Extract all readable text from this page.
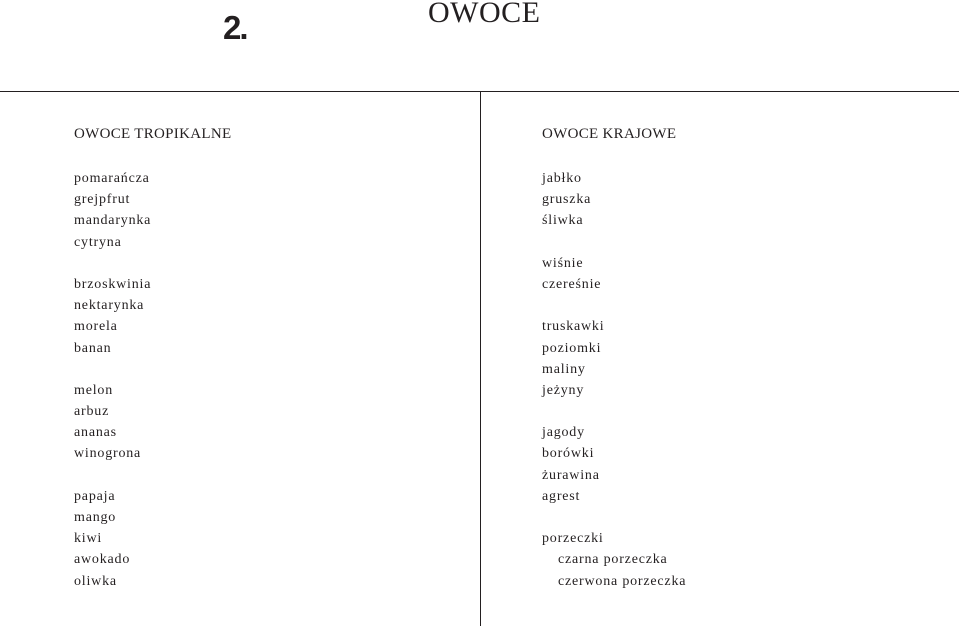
2.	OWOCE
OWOCE TROPIKALNE
pomarańcza
grejpfrut
mandarynka
cytryna
brzoskwinia
nektarynka
morela
banan
melon
arbuz
ananas
winogrona
papaja
mango
kiwi
awokado
oliwka
OWOCE KRAJOWE
jabłko
gruszka
śliwka
wiśnie
czereśnie
truskawki
poziomki
maliny
jeżyny
jagody
borówki
żurawina
agrest
porzeczki
czarna porzeczka
czerwona porzeczka
